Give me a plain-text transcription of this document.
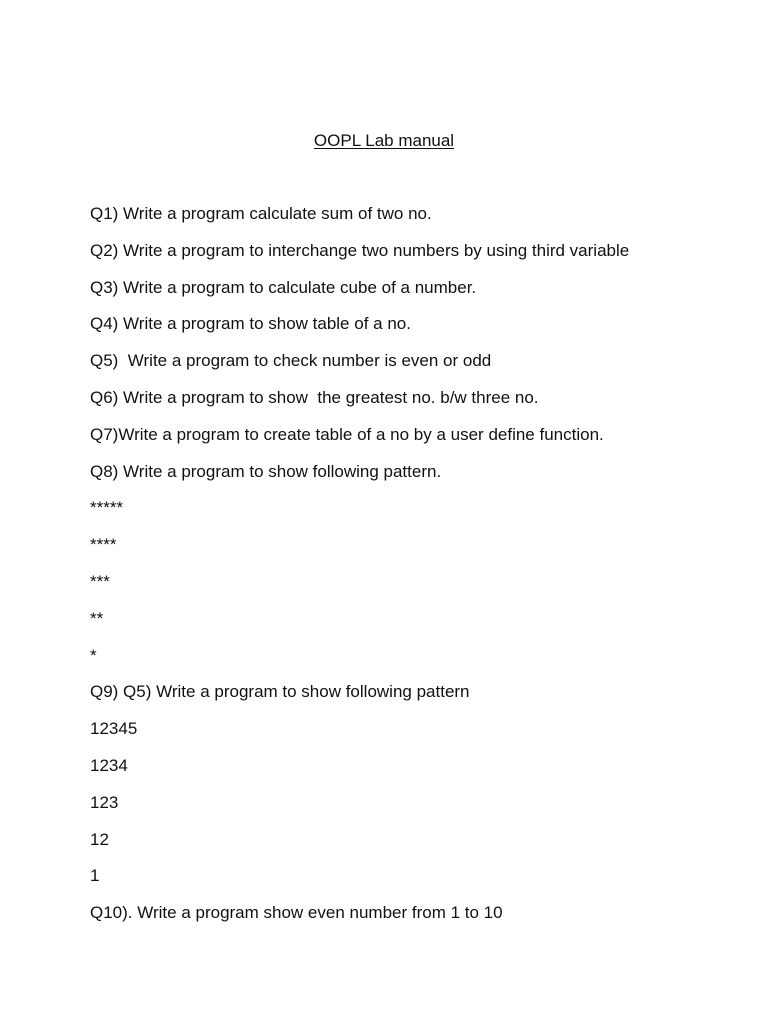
OOPL Lab manual
Q1) Write a program calculate sum of two no.
Q2) Write a program to interchange two numbers by using third variable
Q3) Write a program to calculate cube of a number.
Q4) Write a program to show table of a no.
Q5)  Write a program to check number is even or odd
Q6) Write a program to show  the greatest no. b/w three no.
Q7)Write a program to create table of a no by a user define function.
Q8) Write a program to show following pattern.
*****
****
***
**
*
Q9) Q5) Write a program to show following pattern
12345
1234
123
12
1
Q10). Write a program show even number from 1 to 10
